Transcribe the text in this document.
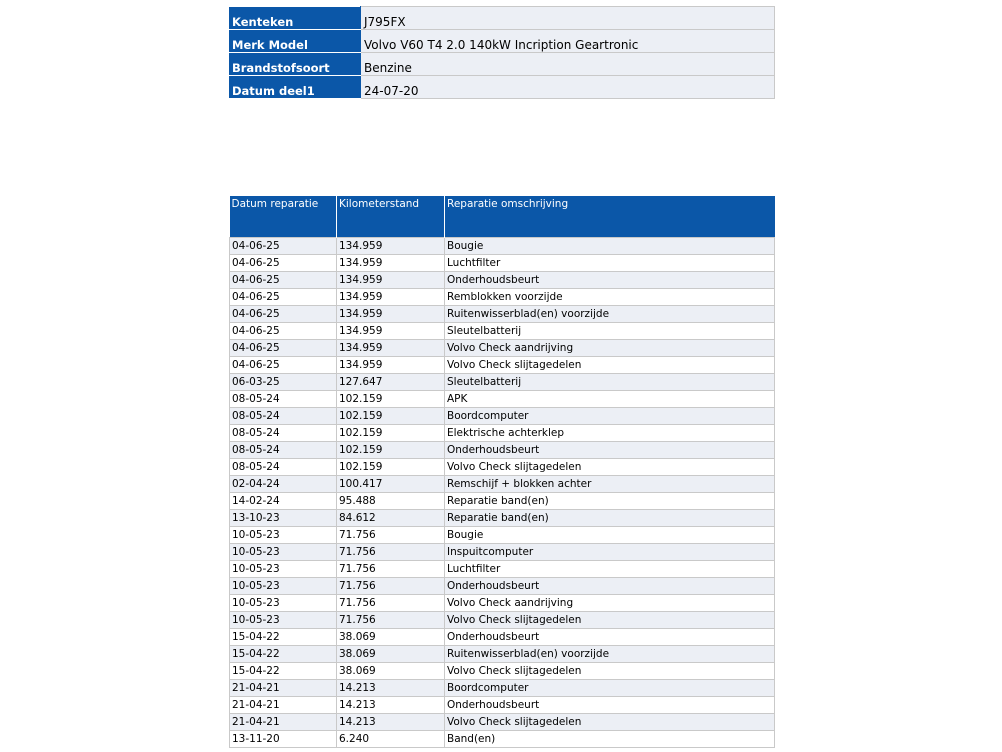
Kenteken	J795FX
Merk Model	Volvo V60 T4 2.0 140kW Incription Geartronic
Brandstofsoort	Benzine
Datum deel1	24-07-20
Datum reparatie	Kilometerstand	Reparatie omschrijving
04-06-25	134.959	Bougie
04-06-25	134.959	Luchtfilter
04-06-25	134.959	Onderhoudsbeurt
04-06-25	134.959	Remblokken voorzijde
04-06-25	134.959	Ruitenwisserblad(en) voorzijde
04-06-25	134.959	Sleutelbatterij
04-06-25	134.959	Volvo Check aandrijving
04-06-25	134.959	Volvo Check slijtagedelen
06-03-25	127.647	Sleutelbatterij
08-05-24	102.159	APK
08-05-24	102.159	Boordcomputer
08-05-24	102.159	Elektrische achterklep
08-05-24	102.159	Onderhoudsbeurt
08-05-24	102.159	Volvo Check slijtagedelen
02-04-24	100.417	Remschijf + blokken achter
14-02-24	95.488	Reparatie band(en)
13-10-23	84.612	Reparatie band(en)
10-05-23	71.756	Bougie
10-05-23	71.756	Inspuitcomputer
10-05-23	71.756	Luchtfilter
10-05-23	71.756	Onderhoudsbeurt
10-05-23	71.756	Volvo Check aandrijving
10-05-23	71.756	Volvo Check slijtagedelen
15-04-22	38.069	Onderhoudsbeurt
15-04-22	38.069	Ruitenwisserblad(en) voorzijde
15-04-22	38.069	Volvo Check slijtagedelen
21-04-21	14.213	Boordcomputer
21-04-21	14.213	Onderhoudsbeurt
21-04-21	14.213	Volvo Check slijtagedelen
13-11-20	6.240	Band(en)
